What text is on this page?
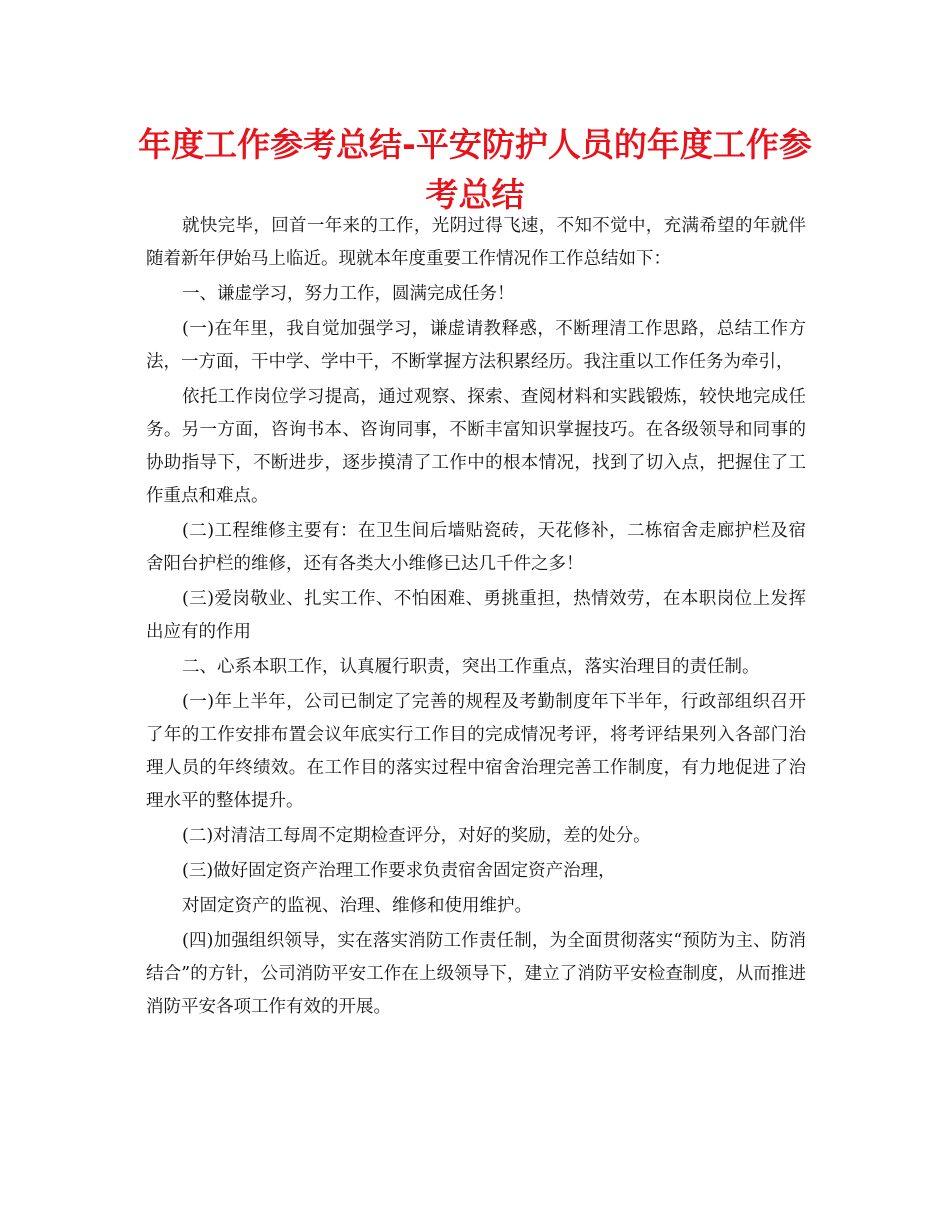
年度工作参考总结-平安防护人员的年度工作参考总结

就快完毕，回首一年来的工作，光阴过得飞速，不知不觉中，充满希望的年就伴随着新年伊始马上临近。现就本年度重要工作情况作工作总结如下：

一、谦虚学习，努力工作，圆满完成任务！

(一)在年里，我自觉加强学习，谦虚请教释惑，不断理清工作思路，总结工作方法，一方面，干中学、学中干，不断掌握方法积累经历。我注重以工作任务为牵引，

依托工作岗位学习提高，通过观察、探索、查阅材料和实践锻炼，较快地完成任务。另一方面，咨询书本、咨询同事，不断丰富知识掌握技巧。在各级领导和同事的协助指导下，不断进步，逐步摸清了工作中的根本情况，找到了切入点，把握住了工作重点和难点。

(二)工程维修主要有：在卫生间后墙贴瓷砖，天花修补，二栋宿舍走廊护栏及宿舍阳台护栏的维修，还有各类大小维修已达几千件之多！

(三)爱岗敬业、扎实工作、不怕困难、勇挑重担，热情效劳，在本职岗位上发挥出应有的作用

二、心系本职工作，认真履行职责，突出工作重点，落实治理目的责任制。

(一)年上半年，公司已制定了完善的规程及考勤制度年下半年，行政部组织召开了年的工作安排布置会议年底实行工作目的完成情况考评，将考评结果列入各部门治理人员的年终绩效。在工作目的落实过程中宿舍治理完善工作制度，有力地促进了治理水平的整体提升。

(二)对清洁工每周不定期检查评分，对好的奖励，差的处分。

(三)做好固定资产治理工作要求负责宿舍固定资产治理，

对固定资产的监视、治理、维修和使用维护。

(四)加强组织领导，实在落实消防工作责任制，为全面贯彻落实“预防为主、防消结合”的方针，公司消防平安工作在上级领导下，建立了消防平安检查制度，从而推进消防平安各项工作有效的开展。
